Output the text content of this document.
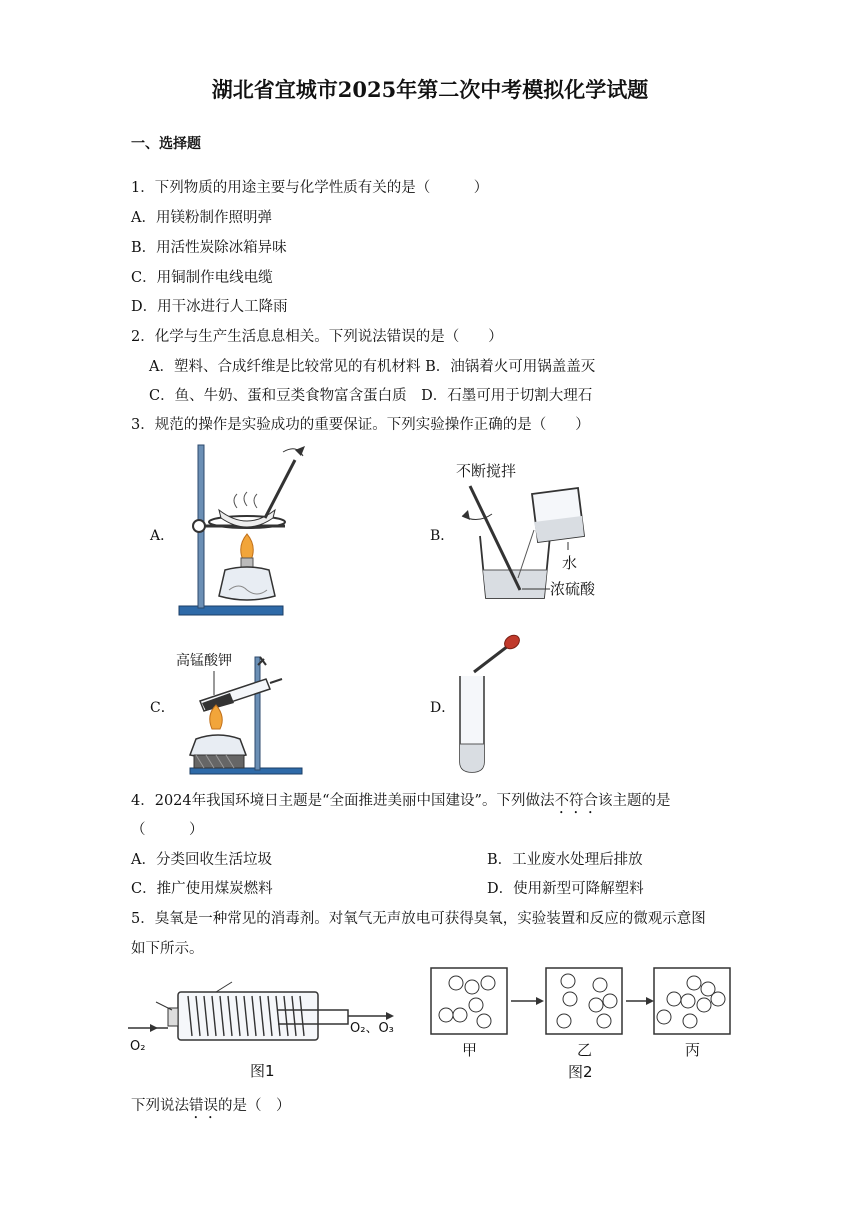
湖北省宜城市2025年第二次中考模拟化学试题
一、选择题
1．下列物质的用途主要与化学性质有关的是（　　　）
A．用镁粉制作照明弹
B．用活性炭除冰箱异味
C．用铜制作电线电缆
D．用干冰进行人工降雨
2．化学与生产生活息息相关。下列说法错误的是（　　）
A．塑料、合成纤维是比较常见的有机材料 B．油锅着火可用锅盖盖灭
C．鱼、牛奶、蛋和豆类食物富含蛋白质　D．石墨可用于切割大理石
3．规范的操作是实验成功的重要保证。下列实验操作正确的是（　　）
A．	B．
C．	D．
不断搅拌
水
浓硫酸
高锰酸钾
4．2024年我国环境日主题是“全面推进美丽中国建设”。下列做法不符合该主题的是
（　　　）
A．分类回收生活垃圾	B．工业废水处理后排放
C．推广使用煤炭燃料	D．使用新型可降解塑料
5．臭氧是一种常见的消毒剂。对氧气无声放电可获得臭氧，实验装置和反应的微观示意图
如下所示。
O₂
O₂、O₃
图1
甲	乙	丙
图2
下列说法错误的是（　）
